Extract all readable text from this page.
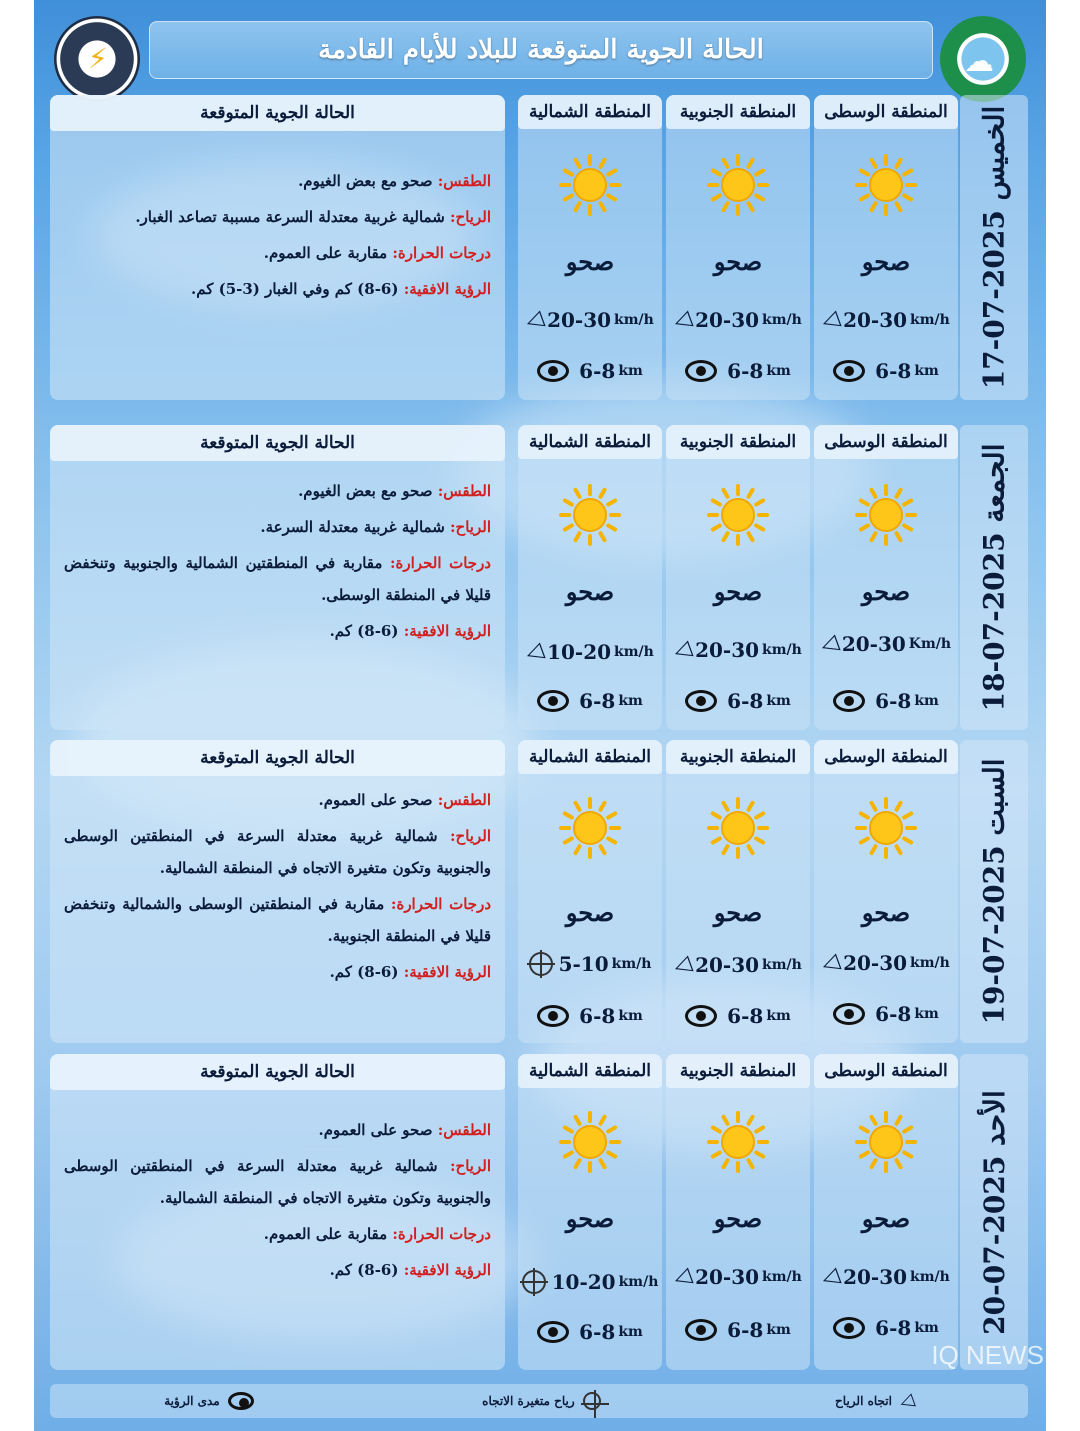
⚡	☁
الحالة الجوية المتوقعة للبلاد للأيام القادمة
الخميس 2025-07-17
المنطقة الوسطى
صحو
◁ 20-30 km/h
6-8 km
المنطقة الجنوبية
صحو
◁ 20-30 km/h
6-8 km
المنطقة الشمالية
صحو
◁ 20-30 km/h
6-8 km
الحالة الجوية المتوقعة
الطقس: صحو مع بعض الغيوم.
الرياح: شمالية غربية معتدلة السرعة مسببة تصاعد الغبار.
درجات الحرارة: مقاربة على العموم.
الرؤية الافقية: (6-8) كم وفي الغبار (3-5) كم.
الجمعة 2025-07-18
المنطقة الوسطى
صحو
◁ 20-30 Km/h
6-8 km
المنطقة الجنوبية
صحو
◁ 20-30 km/h
6-8 km
المنطقة الشمالية
صحو
◁ 10-20 km/h
6-8 km
الحالة الجوية المتوقعة
الطقس: صحو مع بعض الغيوم.
الرياح: شمالية غربية معتدلة السرعة.
درجات الحرارة: مقاربة في المنطقتين الشمالية والجنوبية وتنخفض قليلا في المنطقة الوسطى.
الرؤية الافقية: (6-8) كم.
السبت 2025-07-19
المنطقة الوسطى
صحو
◁ 20-30 km/h
6-8 km
المنطقة الجنوبية
صحو
◁ 20-30 km/h
6-8 km
المنطقة الشمالية
صحو
5-10 km/h
6-8 km
الحالة الجوية المتوقعة
الطقس: صحو على العموم.
الرياح: شمالية غربية معتدلة السرعة في المنطقتين الوسطى والجنوبية وتكون متغيرة الاتجاه في المنطقة الشمالية.
درجات الحرارة: مقاربة في المنطقتين الوسطى والشمالية وتنخفض قليلا في المنطقة الجنوبية.
الرؤية الافقية: (6-8) كم.
الأحد 2025-07-20
المنطقة الوسطى
صحو
◁ 20-30 km/h
6-8 km
المنطقة الجنوبية
صحو
◁ 20-30 km/h
6-8 km
المنطقة الشمالية
صحو
10-20 km/h
6-8 km
الحالة الجوية المتوقعة
الطقس: صحو على العموم.
الرياح: شمالية غربية معتدلة السرعة في المنطقتين الوسطى والجنوبية وتكون متغيرة الاتجاه في المنطقة الشمالية.
درجات الحرارة: مقاربة على العموم.
الرؤية الافقية: (6-8) كم.
◁
اتجاه الرياح
رياح متغيرة الاتجاه
مدى الرؤية
IQ NEWS
